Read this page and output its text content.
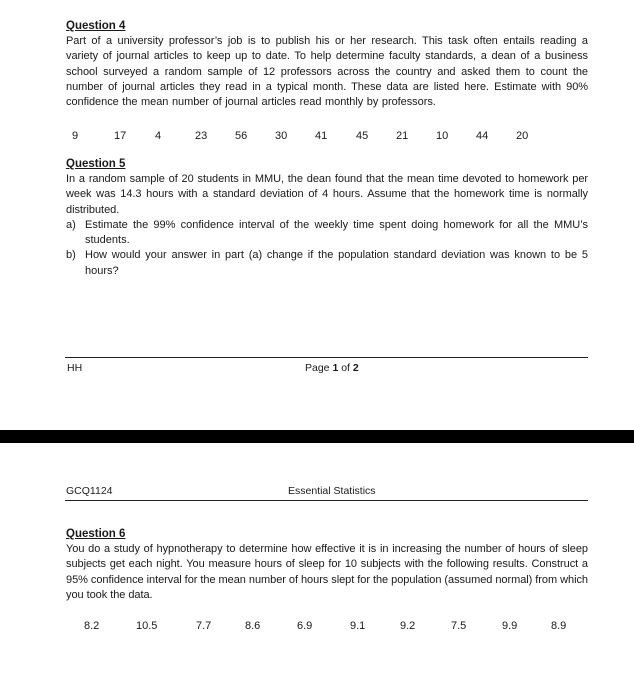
Question 4

Part of a university professor’s job is to publish his or her research. This task often entails reading a variety of journal articles to keep up to date. To help determine faculty standards, a dean of a business school surveyed a random sample of 12 professors across the country and asked them to count the number of journal articles they read in a typical month. These data are listed here. Estimate with 90% confidence the mean number of journal articles read monthly by professors.

9	17	4	23	56	30	41	45	21	10	44	20

Question 5

In a random sample of 20 students in MMU, the dean found that the mean time devoted to homework per week was 14.3 hours with a standard deviation of 4 hours. Assume that the homework time is normally distributed.

a) Estimate the 99% confidence interval of the weekly time spent doing homework for all the MMU’s students.
b) How would your answer in part (a) change if the population standard deviation was known to be 5 hours?
HH	Page 1 of 2
GCQ1124	Essential Statistics

Question 6

You do a study of hypnotherapy to determine how effective it is in increasing the number of hours of sleep subjects get each night. You measure hours of sleep for 10 subjects with the following results. Construct a 95% confidence interval for the mean number of hours slept for the population (assumed normal) from which you took the data.

8.2	10.5	7.7	8.6	6.9	9.1	9.2	7.5	9.9	8.9
